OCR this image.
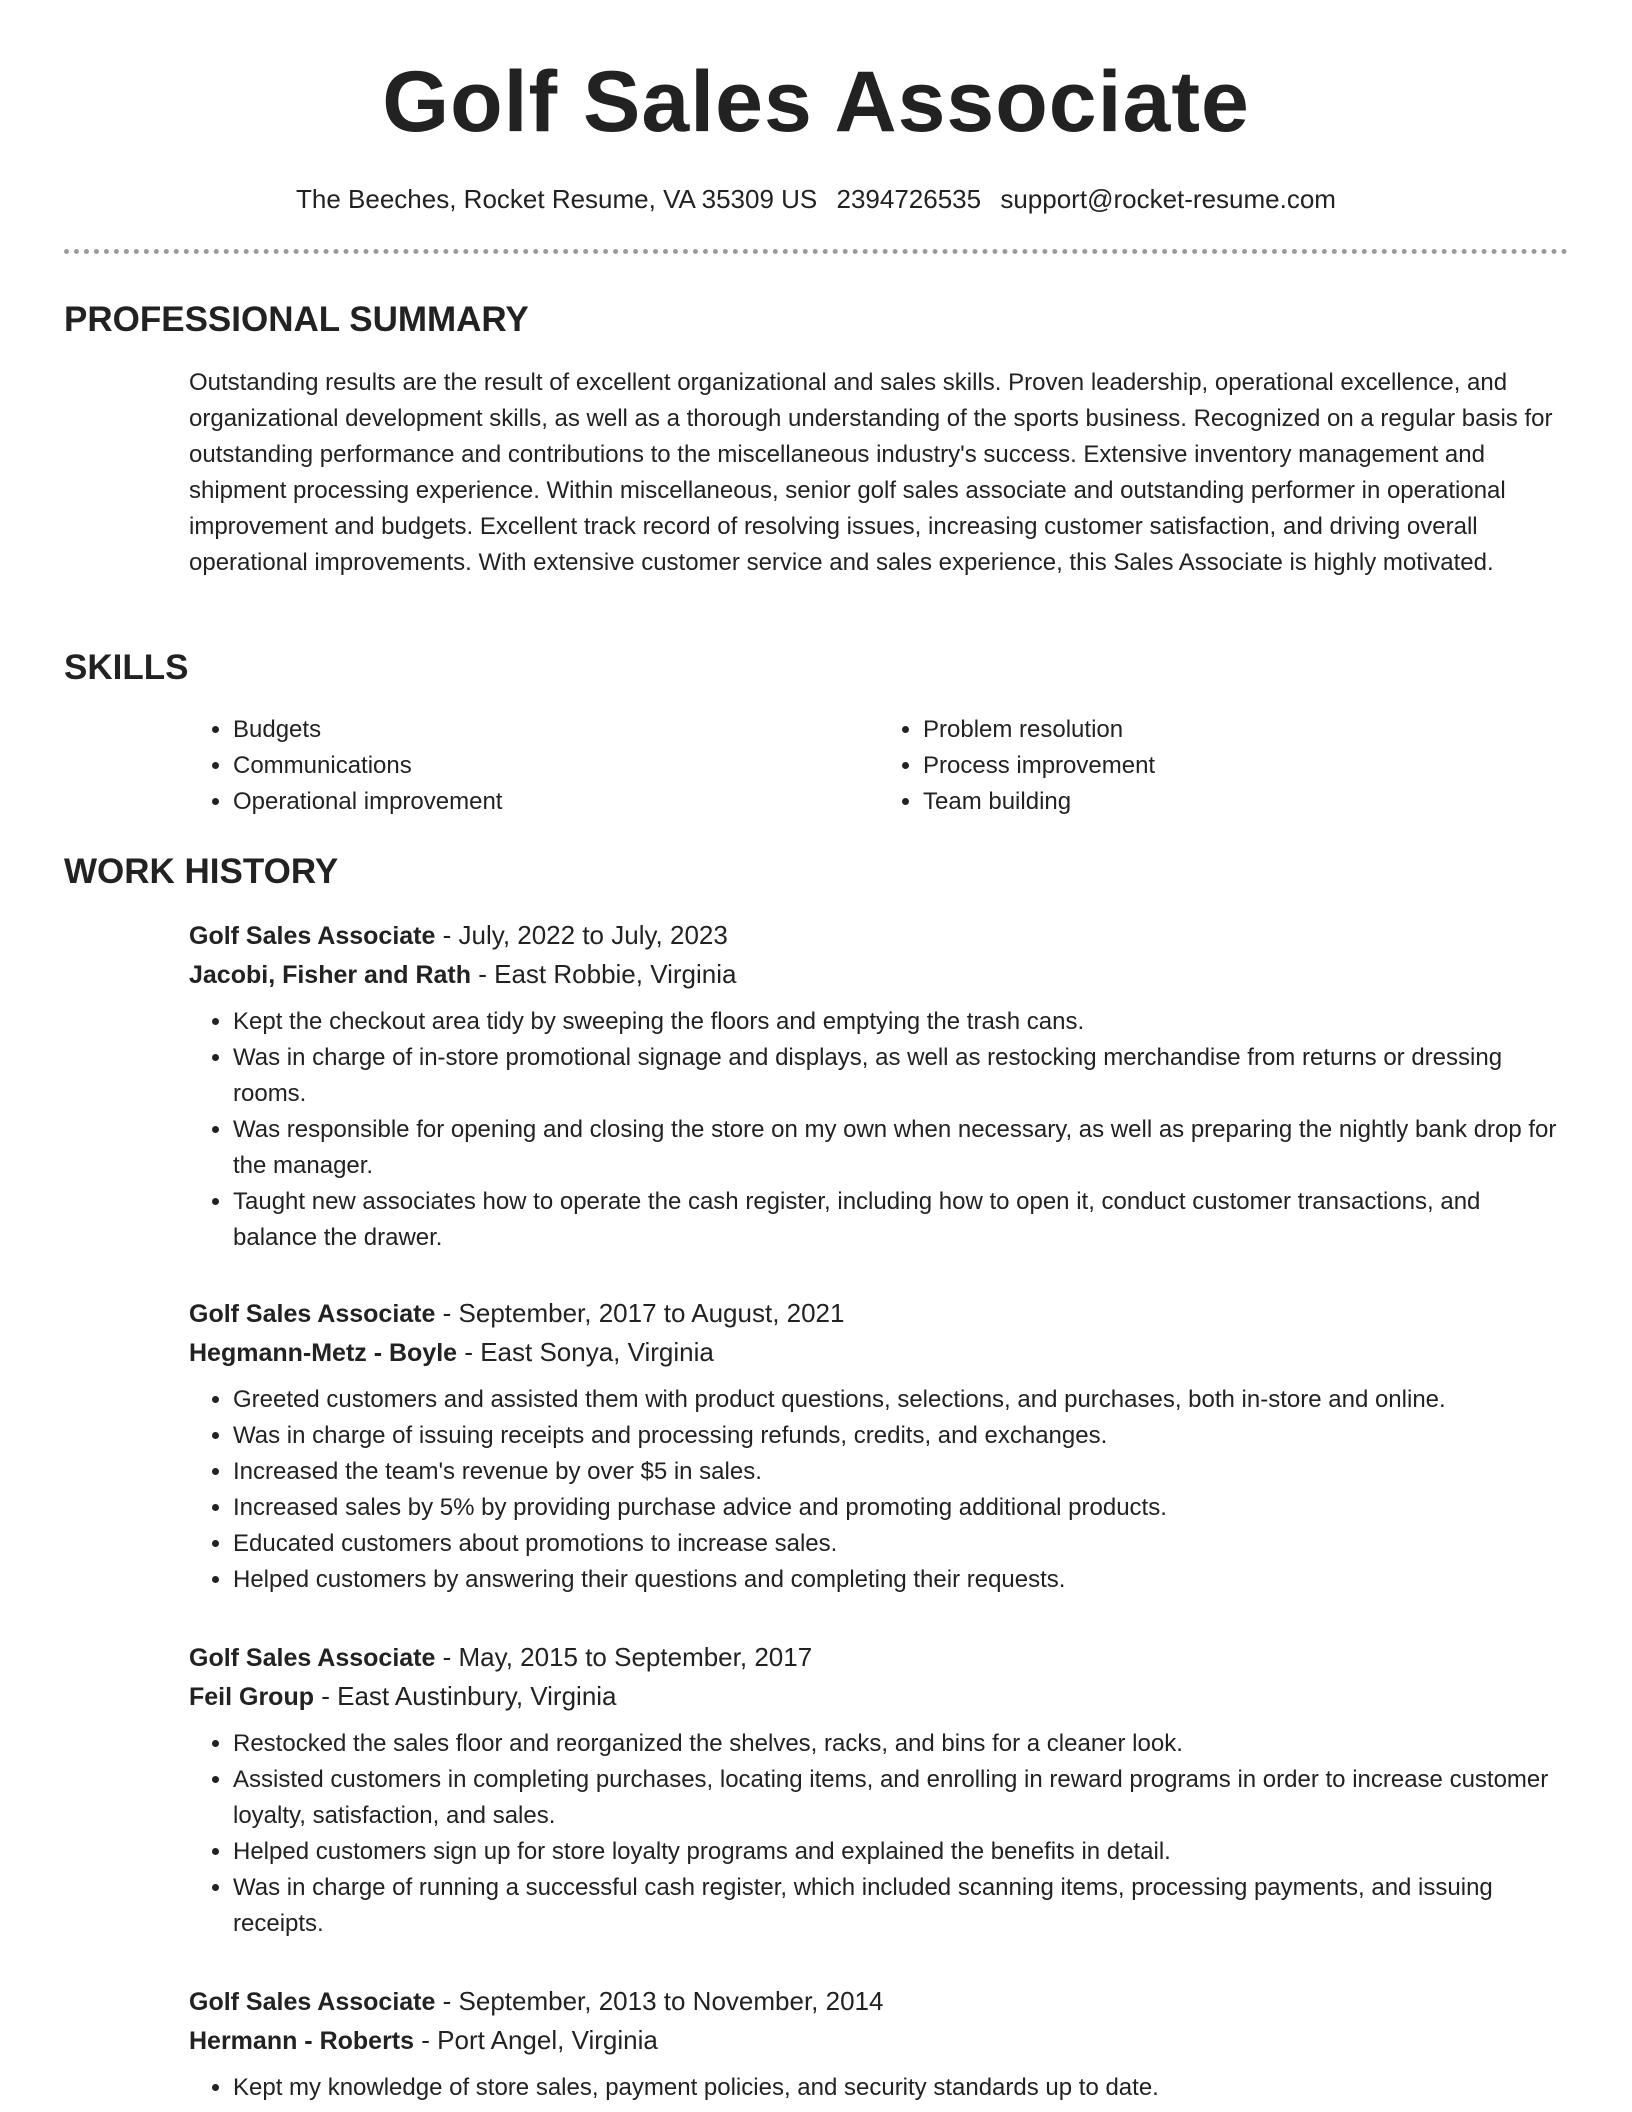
Golf Sales Associate
The Beeches, Rocket Resume, VA 35309 US 2394726535 support@rocket-resume.com
PROFESSIONAL SUMMARY

Outstanding results are the result of excellent organizational and sales skills. Proven leadership, operational excellence, and organizational development skills, as well as a thorough understanding of the sports business. Recognized on a regular basis for outstanding performance and contributions to the miscellaneous industry's success. Extensive inventory management and shipment processing experience. Within miscellaneous, senior golf sales associate and outstanding performer in operational improvement and budgets. Excellent track record of resolving issues, increasing customer satisfaction, and driving overall operational improvements. With extensive customer service and sales experience, this Sales Associate is highly motivated.

SKILLS
• Budgets
• Communications
• Operational improvement
• Problem resolution
• Process improvement
• Team building
WORK HISTORY
Golf Sales Associate - July, 2022 to July, 2023
Jacobi, Fisher and Rath - East Robbie, Virginia
• Kept the checkout area tidy by sweeping the floors and emptying the trash cans.
• Was in charge of in-store promotional signage and displays, as well as restocking merchandise from returns or dressing rooms.
• Was responsible for opening and closing the store on my own when necessary, as well as preparing the nightly bank drop for the manager.
• Taught new associates how to operate the cash register, including how to open it, conduct customer transactions, and balance the drawer.
Golf Sales Associate - September, 2017 to August, 2021
Hegmann-Metz - Boyle - East Sonya, Virginia
• Greeted customers and assisted them with product questions, selections, and purchases, both in-store and online.
• Was in charge of issuing receipts and processing refunds, credits, and exchanges.
• Increased the team's revenue by over $5 in sales.
• Increased sales by 5% by providing purchase advice and promoting additional products.
• Educated customers about promotions to increase sales.
• Helped customers by answering their questions and completing their requests.
Golf Sales Associate - May, 2015 to September, 2017
Feil Group - East Austinbury, Virginia
• Restocked the sales floor and reorganized the shelves, racks, and bins for a cleaner look.
• Assisted customers in completing purchases, locating items, and enrolling in reward programs in order to increase customer loyalty, satisfaction, and sales.
• Helped customers sign up for store loyalty programs and explained the benefits in detail.
• Was in charge of running a successful cash register, which included scanning items, processing payments, and issuing receipts.
Golf Sales Associate - September, 2013 to November, 2014
Hermann - Roberts - Port Angel, Virginia
• Kept my knowledge of store sales, payment policies, and security standards up to date.
